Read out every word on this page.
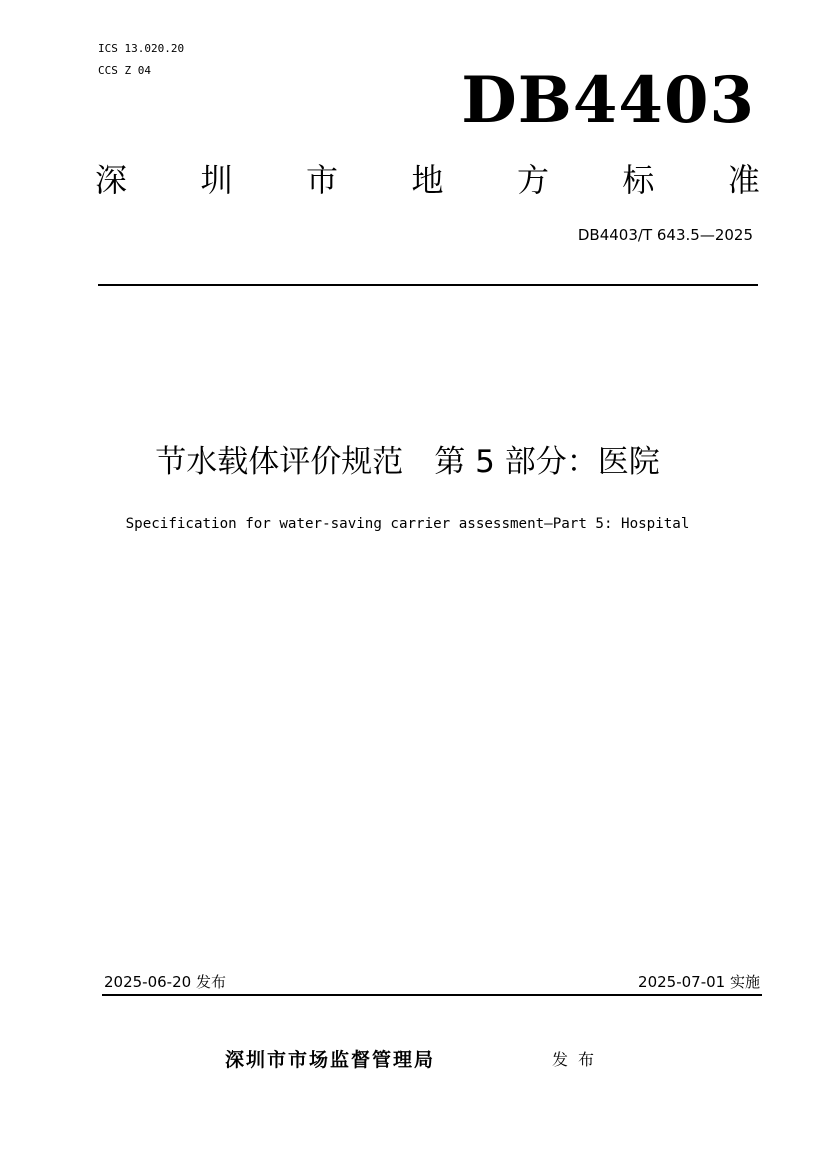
ICS 13.020.20
CCS Z 04	DB4403
深 圳 市 地 方 标 准
DB4403/T 643.5—2025
节水载体评价规范　第 5 部分：医院
Specification for water-saving carrier assessment—Part 5: Hospital
2025-06-20 发布	2025-07-01 实施
深圳市市场监督管理局	发布
